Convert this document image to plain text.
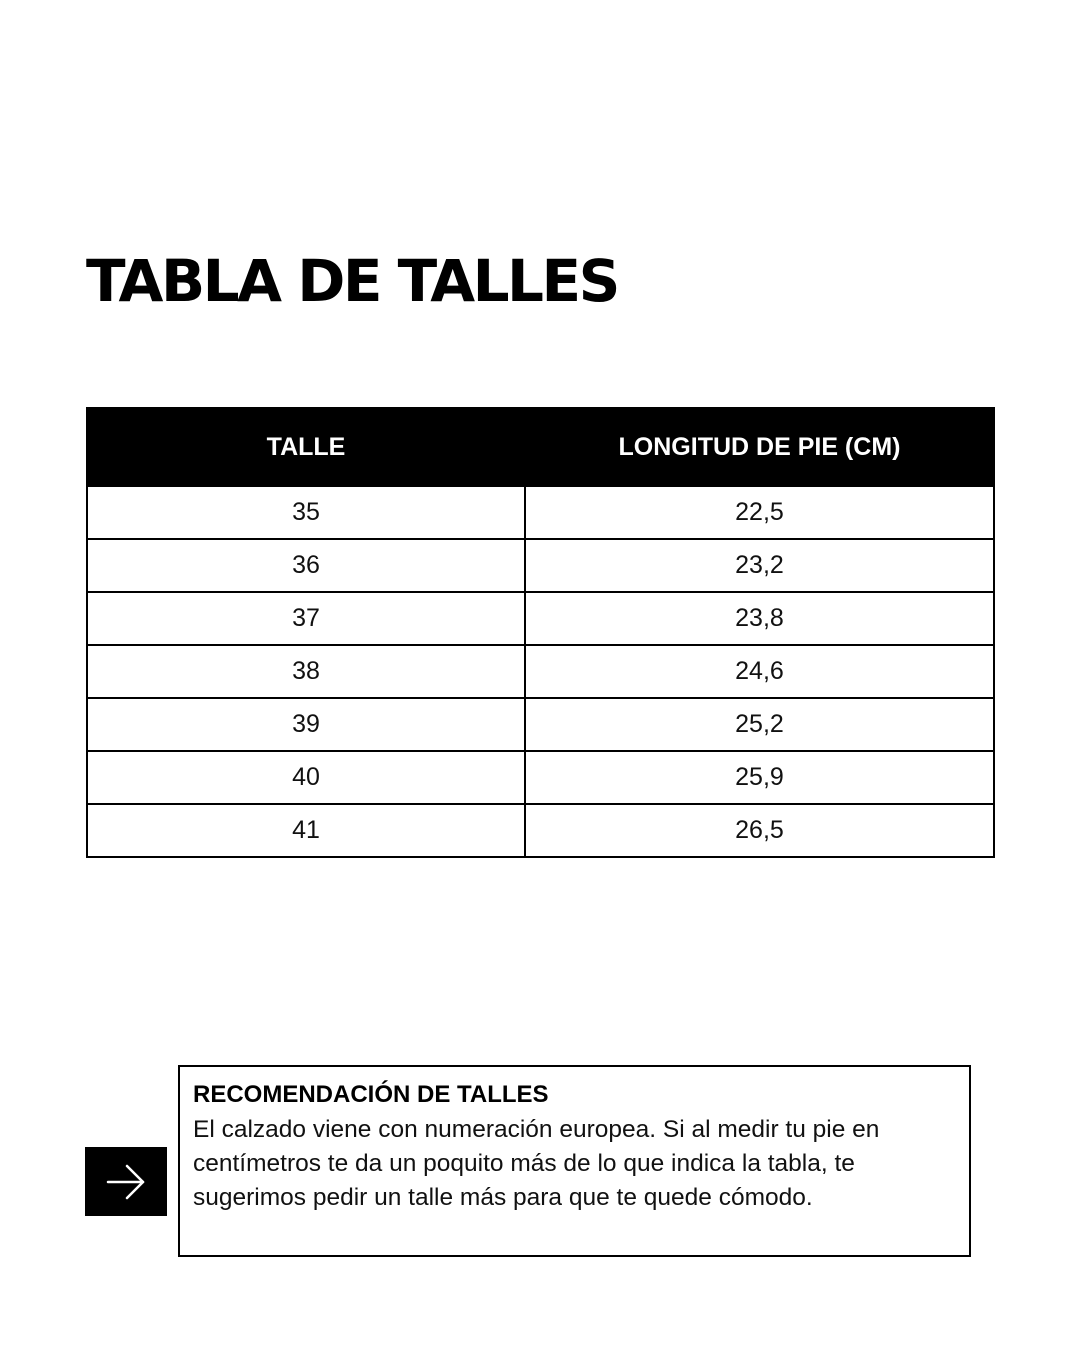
TABLA DE TALLES
TALLE	LONGITUD DE PIE (CM)
35	22,5
36	23,2
37	23,8
38	24,6
39	25,2
40	25,9
41	26,5

RECOMENDACIÓN DE TALLES

El calzado viene con numeración europea. Si al medir tu pie en centímetros te da un poquito más de lo que indica la tabla, te sugerimos pedir un talle más para que te quede cómodo.
